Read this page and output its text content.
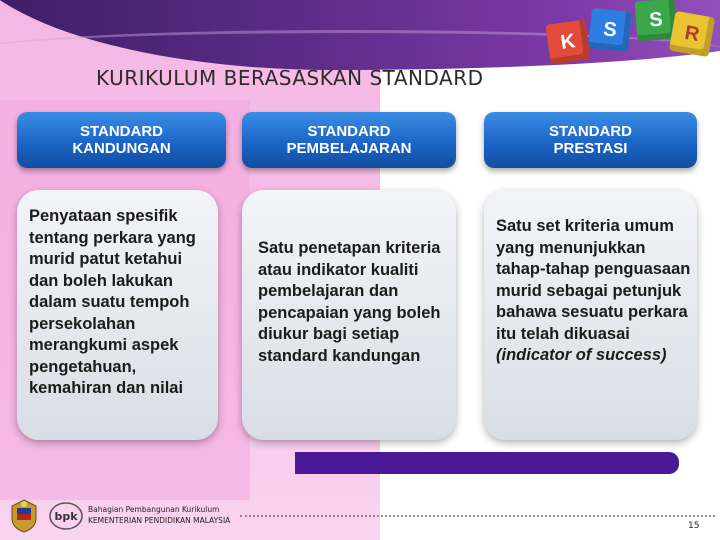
K
S S
R
KURIKULUM BERASASKAN STANDARD
STANDARD
KANDUNGAN
STANDARD
PEMBELAJARAN
STANDARD
PRESTASI
Penyataan spesifik tentang perkara yang murid patut ketahui dan boleh lakukan dalam suatu tempoh persekolahan merangkumi aspek pengetahuan, kemahiran dan nilai
Satu penetapan kriteria atau indikator kualiti pembelajaran dan pencapaian yang boleh diukur bagi setiap standard kandungan
Satu set kriteria umum yang menunjukkan tahap-tahap penguasaan murid sebagai petunjuk bahawa sesuatu perkara itu telah dikuasai (indicator of success)
bpk
Bahagian Pembangunan Kurikulum
KEMENTERIAN PENDIDIKAN MALAYSIA
15
